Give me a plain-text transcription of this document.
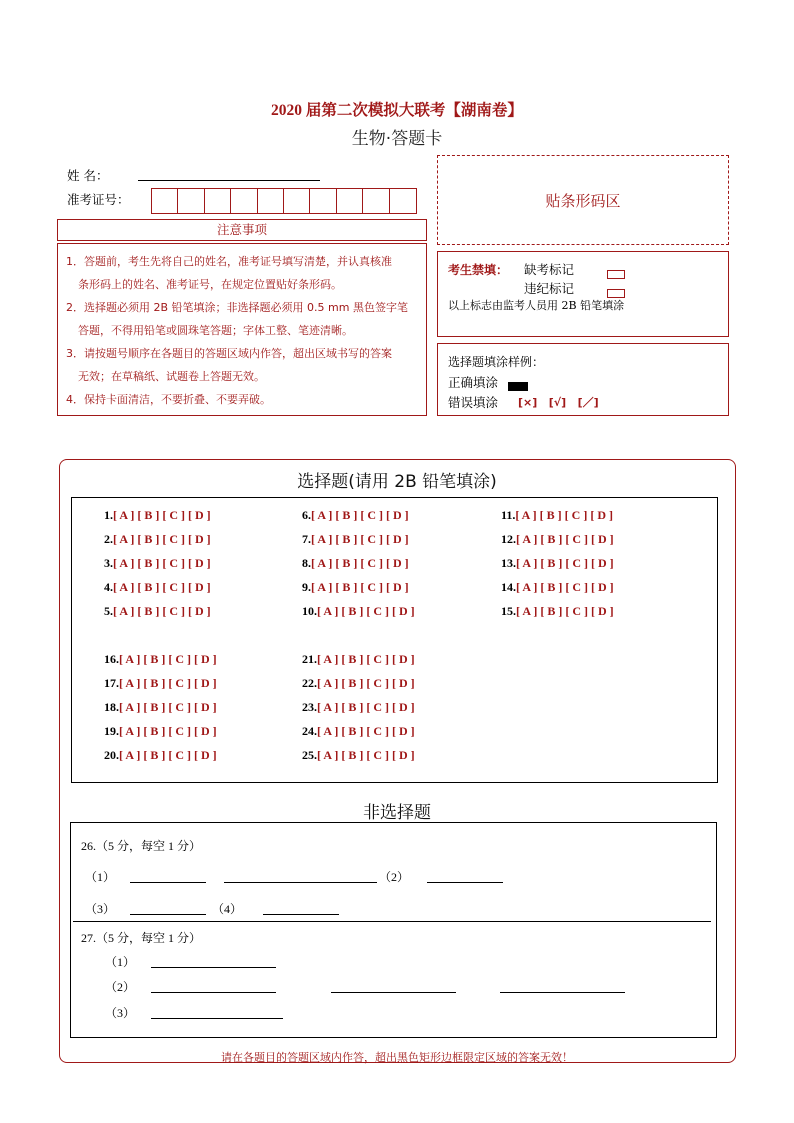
2020 届第二次模拟大联考【湖南卷】
生物·答题卡
姓 名：
准考证号：	贴条形码区
注意事项

1．答题前，考生先将自己的姓名，准考证号填写清楚，并认真核准

条形码上的姓名、准考证号，在规定位置贴好条形码。

2．选择题必须用 2B 铅笔填涂；非选择题必须用 0.5 mm 黑色签字笔

答题，不得用铅笔或圆珠笔答题；字体工整、笔迹清晰。

3．请按题号顺序在各题目的答题区域内作答，超出区域书写的答案

无效；在草稿纸、试题卷上答题无效。

4．保持卡面清洁，不要折叠、不要弄破。

考生禁填： 缺考标记
违纪标记
以上标志由监考人员用 2B 铅笔填涂
选择题填涂样例：
正确填涂
错误填涂 [×]   [√]   [／]
选择题(请用 2B 铅笔填涂)
1.[ A ] [ B ] [ C ] [ D ]
2.[ A ] [ B ] [ C ] [ D ]
3.[ A ] [ B ] [ C ] [ D ]
4.[ A ] [ B ] [ C ] [ D ]
5.[ A ] [ B ] [ C ] [ D ]
6.[ A ] [ B ] [ C ] [ D ]
7.[ A ] [ B ] [ C ] [ D ]
8.[ A ] [ B ] [ C ] [ D ]
9.[ A ] [ B ] [ C ] [ D ]
10.[ A ] [ B ] [ C ] [ D ]
11.[ A ] [ B ] [ C ] [ D ]
12.[ A ] [ B ] [ C ] [ D ]
13.[ A ] [ B ] [ C ] [ D ]
14.[ A ] [ B ] [ C ] [ D ]
15.[ A ] [ B ] [ C ] [ D ]
16.[ A ] [ B ] [ C ] [ D ]
17.[ A ] [ B ] [ C ] [ D ]
18.[ A ] [ B ] [ C ] [ D ]
19.[ A ] [ B ] [ C ] [ D ]
20.[ A ] [ B ] [ C ] [ D ]
21.[ A ] [ B ] [ C ] [ D ]
22.[ A ] [ B ] [ C ] [ D ]
23.[ A ] [ B ] [ C ] [ D ]
24.[ A ] [ B ] [ C ] [ D ]
25.[ A ] [ B ] [ C ] [ D ]
非选择题
26.（5 分，每空 1 分）
（1）	（2）
（3）	（4）
27.（5 分，每空 1 分）
（1）
（2）
（3）
请在各题目的答题区域内作答，超出黑色矩形边框限定区域的答案无效！
